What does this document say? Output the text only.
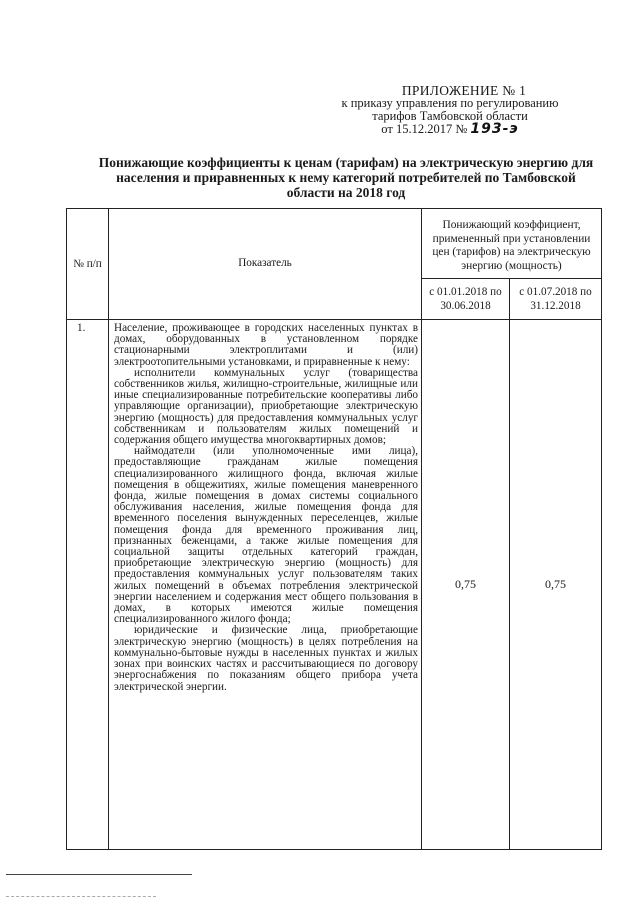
ПРИЛОЖЕНИЕ № 1
к приказу управления по регулированию
тарифов Тамбовской области
от 15.12.2017 № 193-э
Понижающие коэффициенты к ценам (тарифам) на электрическую энергию для населения и приравненных к нему категорий потребителей по Тамбовской области на 2018 год
№ п/п	Показатель	Понижающий коэффициент, примененный при установлении цен (тарифов) на электрическую энергию (мощность)	
		с 01.01.2018 по 30.06.2018	с 01.07.2018 по 31.12.2018
1.	Население, проживающее в городских населенных пунктах в домах, оборудованных в установленном порядке стационарными электроплитами и (или) электроотопительными установками, и приравненные к нему:

исполнители коммунальных услуг (товарищества собственников жилья, жилищно-строительные, жилищные или иные специализированные потребительские кооперативы либо управляющие организации), приобретающие электрическую энергию (мощность) для предоставления коммунальных услуг собственникам и пользователям жилых помещений и содержания общего имущества многоквартирных домов;

наймодатели (или уполномоченные ими лица), предоставляющие гражданам жилые помещения специализированного жилищного фонда, включая жилые помещения в общежитиях, жилые помещения маневренного фонда, жилые помещения в домах системы социального обслуживания населения, жилые помещения фонда для временного поселения вынужденных переселенцев, жилые помещения фонда для временного проживания лиц, признанных беженцами, а также жилые помещения для социальной защиты отдельных категорий граждан, приобретающие электрическую энергию (мощность) для предоставления коммунальных услуг пользователям таких жилых помещений в объемах потребления электрической энергии населением и содержания мест общего пользования в домах, в которых имеются жилые помещения специализированного жилого фонда;

юридические и физические лица, приобретающие электрическую энергию (мощность) в целях потребления на коммунально-бытовые нужды в населенных пунктах и жилых зонах при воинских частях и рассчитывающиеся по договору энергоснабжения по показаниям общего прибора учета электрической энергии.	0,75	0,75
